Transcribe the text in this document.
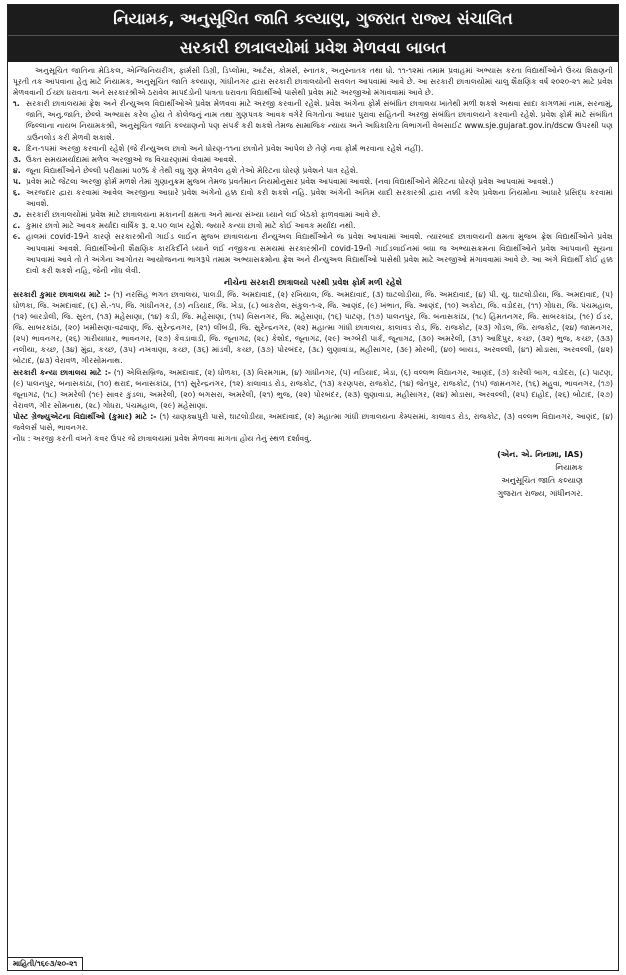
નિયામક, અનુસૂચિત જાતિ કલ્યાણ, ગુજરાત રાજ્ય સંચાલિત
સરકારી છાત્રાલયોમાં પ્રવેશ મેળવવા બાબત

અનુસૂચિત જાતિના મેડિકલ, એન્જિનિયરીંગ, ફાર્મસી ડિગ્રી, ડિપ્લોમા, આર્ટસ, કોમર્સ, સ્નાતક, અનુસ્નાતક તથા ધો. ૧૧-૧૨માં તમામ પ્રવાહમાં અભ્યાસ કરતા વિદ્યાર્થીઓને ઉચ્ચ શિક્ષણની પૂરતી તક આપવાના હેતુ માટે નિયામક, અનુસૂચિત જાતિ કલ્યાણ, ગાંધીનગર દ્વારા સરકારી છાત્રાલયોની સવલત આપવામાં આવે છે. આ સરકારી છાત્રાલયોમાં ચાલુ શૈક્ષણિક વર્ષ ૨૦૨૦-૨૧ માટે પ્રવેશ મેળવવાની ઈચ્છા ધરાવતા અને સરકારશ્રીએ ઠરાવેલ માપદંડોની પાત્રતા ધરાવતા વિદ્યાર્થીઓ પાસેથી પ્રવેશ માટે અરજીઓ મંગાવવામાં આવે છે.

૧. સરકારી છાત્રાલયમાં ફ્રેશ અને રીન્યુઅલ વિદ્યાર્થીઓએ પ્રવેશ મેળવવા માટે અરજી કરવાની રહેશે. પ્રવેશ અંગેના ફોર્મ સંબંધિત છાત્રાલય ખાતેથી મળી શકશે અથવા સાદા કાગળમાં નામ, સરનામું, જાતિ, અનુ.જાતિ, છેલ્લે અભ્યાસ કરેલ હોય તે કોલેજનું નામ તથા ગુણપત્રક આવક વગેરે વિગતોના આધાર પુરાવા સહિતની અરજી સંબંધિત છાત્રાલયને કરવાની રહેશે. પ્રવેશ ફોર્મ માટે સંબંધિત જિલ્લાના નાયબ નિયામકશ્રી, અનુસૂચિત જાતિ કલ્યાણનો પણ સંપર્ક કરી શકશે તેમજ સામાજિક ન્યાય અને અધિકારિતા વિભાગની વેબસાઈટ www.sje.gujarat.gov.in/dscw ઉપરથી પણ ડાઉનલોડ કરી મેળવી શકાશે.
૨. દિન-૧૫માં અરજી કરવાની રહેશે (જે રીન્યુઅલ છાત્રો અને ધોરણ-૧૧ના છાત્રોને પ્રવેશ આપેલ છે તેણે નવા ફોર્મ ભરવાના રહેશે નહીં).
૩. ઉક્ત સમયમર્યાદામાં મળેલ અરજીઓ જ વિચારણામાં લેવામાં આવશે.
૪. જૂના વિદ્યાર્થીઓને છેલ્લી પરીક્ષામાં ૫૦% કે તેથી વધુ ગુણ મેળવેલ હશે તેઓ મેરિટના ધોરણે પ્રવેશને પાત્ર રહેશે.
૫. પ્રવેશ માટે જેટલા અરજી ફોર્મ મળશે તેમાં ગુણાનુક્રમ મુજબ તેમજ પ્રવર્તમાન નિયમોનુસાર પ્રવેશ આપવામાં આવશે. (નવા વિદ્યાર્થીઓને મેરિટના ધોરણે પ્રવેશ આપવામાં આવશે.)
૬. અરજદાર દ્વારા કરવામાં આવેલ અરજીના આધારે પ્રવેશ અંગેનો હક્ક દાવો કરી શકશે નહિ. પ્રવેશ અંગેની અંતિમ યાદી સરકારશ્રી દ્વારા નક્કી કરેલ પ્રવેશના નિયમોના આધારે પ્રસિદ્ધ કરવામાં આવશે.
૭. સરકારી છાત્રાલયોમાં પ્રવેશ માટે છાત્રાલયના મકાનની ક્ષમતા અને માન્ય સંખ્યા ધ્યાને લઈ બેઠકો ફાળવવામાં આવે છે.
૮. કુમાર છાત્રો માટે આવક મર્યાદા વાર્ષિક રૂ. ૨.૫૦ લાખ રહેશે. જ્યારે કન્યા છાત્રો માટે કોઈ આવક મર્યાદા નથી.
૯. હાલમાં covid-19ને કારણે સરકારશ્રીની ગાઈડ લાઈન મુજબ છાત્રાલયના રીન્યુઅલ વિદ્યાર્થીઓને જ પ્રવેશ આપવામાં આવશે. ત્યારબાદ છાત્રાલયની ક્ષમતા મુજબ ફ્રેશ વિદ્યાર્થીઓને પ્રવેશ આપવામાં આવશે. વિદ્યાર્થીઓની શૈક્ષણિક કારકિર્દીને ધ્યાને લઈ નજીકના સમયમાં સરકારશ્રીની covid-19ની ગાઈડલાઈનમાં બધા જ અભ્યાસક્રમના વિદ્યાર્થીઓને પ્રવેશ આપવાની સૂચના આપવામાં આવે તો તે અંગેના આગોતરા આયોજનના ભાગરૂપે તમામ અભ્યાસક્રમોના ફ્રેશ અને રીન્યુઅલ વિદ્યાર્થીઓ પાસેથી પ્રવેશ માટે અરજીઓ મંગાવવામાં આવે છે. આ અંગે વિદ્યાર્થી કોઈ હક્ક દાવો કરી શકશે નહિ, જેની નોંધ લેવી.
નીચેના સરકારી છાત્રાલયો પરથી પ્રવેશ ફોર્મ મળી રહેશે

સરકારી કુમાર છાત્રાલય માટે :- (૧) નરસિંહ ભગત છાત્રાલય, પાલડી, જિ. અમદાવાદ, (૨) રખિયાલ, જિ. અમદાવાદ, (૩) ઘાટલોડીયા, જિ. અમદાવાદ, (૪) પી. યુ. ઘાટલોડીયા, જિ. અમદાવાદ, (૫) ધોળકા, જિ. અમદાવાદ, (૬) સે.-૧૫, જિ. ગાંધીનગર, (૭) નડિયાદ, જિ. ખેડા, (૮) બાકરોલ, સંકુલ-૧-૨, જિ. આણંદ, (૯) ખંભાત, જિ. આણંદ, (૧૦) અકોટા, જિ. વડોદરા, (૧૧) ગોધરા, જિ. પંચમહાલ, (૧૨) બારડોલી, જિ. સુરત, (૧૩) મહેસાણા, (૧૪) કડી, જિ. મહેસાણા, (૧૫) વિસનગર, જિ. મહેસાણા, (૧૬) પાટણ, (૧૭) પાલનપુર, જિ. બનાસકાંઠા, (૧૮) હિંમતનગર, જિ. સાબરકાંઠા, (૧૯) ઈડર, જિ. સાબરકાંઠા, (૨૦) ખમીસણા-વઢવાણ, જિ. સુરેન્દ્રનગર, (૨૧) લીંબડી, જિ. સુરેન્દ્રનગર, (૨૨) મહાત્મા ગાંધી છાત્રાલય, કાલાવડ રોડ, જિ. રાજકોટ, (૨૩) ગોંડલ, જિ. રાજકોટ, (૨૪) જામનગર, (૨૫) ભાવનગર, (૨૬) ગારીયાધાર, ભાવનગર, (૨૭) કેવડાવાડી, જિ. જૂનાગઢ, (૨૮) કેશોદ, જૂનાગઢ, (૨૯) અગ્બેરી પાર્ક, જૂનાગઢ, (૩૦) અમરેલી, (૩૧) આદિપુર, કચ્છ, (૩૨) ભુજ, કચ્છ, (૩૩) નલીયા, કચ્છ, (૩૪) મુંદ્રા, કચ્છ, (૩૫) નખત્રાણા, કચ્છ, (૩૬) માંડવી, કચ્છ, (૩૭) પોરબંદર, (૩૮) લુણાવાડા, મહીસાગર, (૩૯) મોરબી, (૪૦) બાયડ, અરવલ્લી, (૪૧) મોડાસા, અરવલ્લી, (૪૨) બોટાદ, (૪૩) વેરાવળ, ગીરસોમનાથ.

સરકારી કન્યા છાત્રાલય માટે :- (૧) એલિસબ્રિજ, અમદાવાદ, (૨) ધોળકા, (૩) વિરમગામ, (૪) ગાંધીનગર, (૫) નડિયાદ, ખેડા, (૬) વલ્લભ વિદ્યાનગર, આણંદ, (૭) કારેલી બાગ, વડોદરા, (૮) પાટણ, (૯) પાલનપુર, બનાસકાંઠા, (૧૦) થરાદ, બનાસકાંઠા, (૧૧) સુરેન્દ્રનગર, (૧૨) કાલાવાડ રોડ, રાજકોટ, (૧૩) કરણપરા, રાજકોટ, (૧૪) જેતપુર, રાજકોટ, (૧૫) જામનગર, (૧૬) મહુવા, ભાવનગર, (૧૭) જૂનાગઢ, (૧૮) અમરેલી (૧૯) સાવર કુંડલા, અમરેલી, (૨૦) બગસરા, અમરેલી, (૨૧) ભુજ, (૨૨) પોરબંદર, (૨૩) લુણાવાડા, મહીસાગર, (૨૪) મોડાસા, અરવલ્લી, (૨૫) દાહોદ, (૨૬) બોટાદ, (૨૭) વેરાવળ, ગીર સોમનાથ, (૨૮) ગોધરા, પંચમહાલ, (૨૯) મહેસાણા.

પોસ્ટ ગ્રેજ્યુએટના વિદ્યાર્થીઓ (કુમાર) માટે :- (૧) ચાણક્યપુરી પાસે, ઘાટલોડીયા, અમદાવાદ, (૨) મહાત્મા ગાંધી છાત્રાલયના કેમ્પસમાં, કાલાવડ રોડ, રાજકોટ, (૩) વલ્લભ વિદ્યાનગર, આણંદ, (૪) જવેલર્સ પાસે, ભાવનગર.

નોંધ : અરજી કરતી વખતે કવર ઉપર જે છાત્રાલયમાં પ્રવેશ મેળવવા માગતા હોય તેનું સ્થળ દર્શાવવું.

(એન. એ. નિનામા, IAS)
નિયામક
અનુસૂચિત જાતિ કલ્યાણ
ગુજરાત રાજ્ય, ગાંધીનગર.
માહિતી/૧૬૯૩/૨૦-૨૧
